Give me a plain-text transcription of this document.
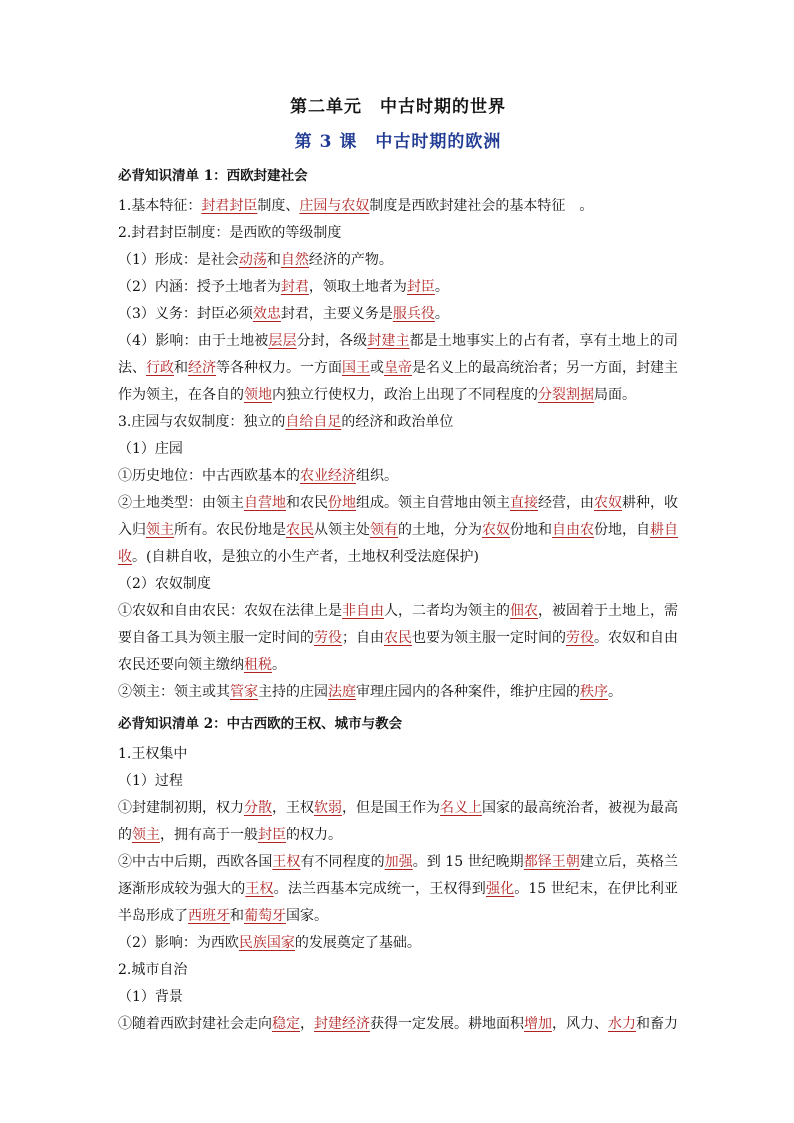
第二单元　中古时期的世界
第 3 课　中古时期的欧洲
必背知识清单 1：西欧封建社会

1.基本特征：封君封臣制度、庄园与农奴制度是西欧封建社会的基本特征　。

2.封君封臣制度：是西欧的等级制度

（1）形成：是社会动荡和自然经济的产物。

（2）内涵：授予土地者为封君，领取土地者为封臣。

（3）义务：封臣必须效忠封君，主要义务是服兵役。

（4）影响：由于土地被层层分封，各级封建主都是土地事实上的占有者，享有土地上的司法、行政和经济等各种权力。一方面国王或皇帝是名义上的最高统治者；另一方面，封建主作为领主，在各自的领地内独立行使权力，政治上出现了不同程度的分裂割据局面。

3.庄园与农奴制度：独立的自给自足的经济和政治单位

（1）庄园

①历史地位：中古西欧基本的农业经济组织。

②土地类型：由领主自营地和农民份地组成。领主自营地由领主直接经营，由农奴耕种，收入归领主所有。农民份地是农民从领主处领有的土地，分为农奴份地和自由农份地，自耕自收。(自耕自收，是独立的小生产者，土地权利受法庭保护)

（2）农奴制度

①农奴和自由农民：农奴在法律上是非自由人，二者均为领主的佃农，被固着于土地上，需要自备工具为领主服一定时间的劳役；自由农民也要为领主服一定时间的劳役。农奴和自由农民还要向领主缴纳租税。

②领主：领主或其管家主持的庄园法庭审理庄园内的各种案件，维护庄园的秩序。

必背知识清单 2：中古西欧的王权、城市与教会

1.王权集中

（1）过程

①封建制初期，权力分散，王权软弱，但是国王作为名义上国家的最高统治者，被视为最高的领主，拥有高于一般封臣的权力。

②中古中后期，西欧各国王权有不同程度的加强。到 15 世纪晚期都铎王朝建立后，英格兰逐渐形成较为强大的王权。法兰西基本完成统一，王权得到强化。15 世纪末，在伊比利亚半岛形成了西班牙和葡萄牙国家。

（2）影响：为西欧民族国家的发展奠定了基础。

2.城市自治

（1）背景

①随着西欧封建社会走向稳定，封建经济获得一定发展。耕地面积增加，风力、水力和畜力
